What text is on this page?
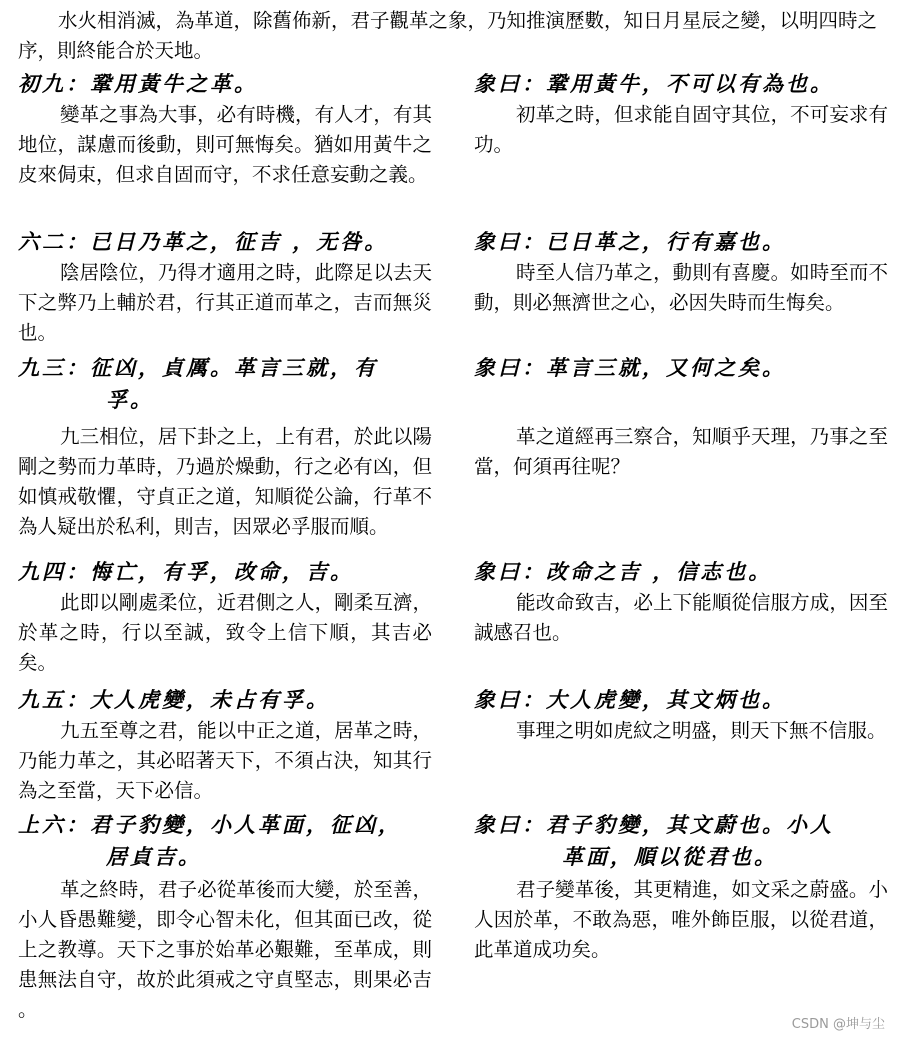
水火相消滅，為革道，除舊佈新，君子觀革之象，乃知推演歷數，知日月星辰之變，以明四時之序，則終能合於天地。
初九：鞏用黃牛之革。

變革之事為大事，必有時機，有人才，有其地位，謀慮而後動，則可無悔矣。猶如用黃牛之皮來侷束，但求自固而守，不求任意妄動之義。

象曰：鞏用黃牛，不可以有為也。

初革之時，但求能自固守其位，不可妄求有功。

六二：已日乃革之，征吉 ，无咎。

陰居陰位，乃得才適用之時，此際足以去天下之弊乃上輔於君，行其正道而革之，吉而無災也。

象曰：已日革之，行有嘉也。

時至人信乃革之，動則有喜慶。如時至而不動，則必無濟世之心，必因失時而生悔矣。

九三：征凶，貞厲。革言三就，有
孚。

九三相位，居下卦之上，上有君，於此以陽剛之勢而力革時，乃過於燥動，行之必有凶，但如慎戒敬懼，守貞正之道，知順從公論，行革不為人疑出於私利，則吉，因眾必孚服而順。

象曰：革言三就，又何之矣。

革之道經再三察合，知順乎天理，乃事之至當，何須再往呢？

九四：悔亡，有孚，改命，吉。

此即以剛處柔位，近君側之人，剛柔互濟，於革之時，行以至誠，致令上信下順，其吉必矣。

象曰：改命之吉 ，信志也。

能改命致吉，必上下能順從信服方成，因至誠感召也。

九五：大人虎變，未占有孚。

九五至尊之君，能以中正之道，居革之時，乃能力革之，其必昭著天下，不須占決，知其行為之至當，天下必信。

象曰：大人虎變，其文炳也。

事理之明如虎紋之明盛，則天下無不信服。

上六：君子豹變，小人革面，征凶，
居貞吉。

革之終時，君子必從革後而大變，於至善，小人昏愚難變，即令心智未化，但其面已改，從上之教導。天下之事於始革必艱難，至革成，則患無法自守，故於此須戒之守貞堅志，則果必吉 。

象曰：君子豹變，其文蔚也。小人
革面，順以從君也。

君子變革後，其更精進，如文采之蔚盛。小人因於革，不敢為惡，唯外飾臣服，以從君道，此革道成功矣。

CSDN @坤与尘
